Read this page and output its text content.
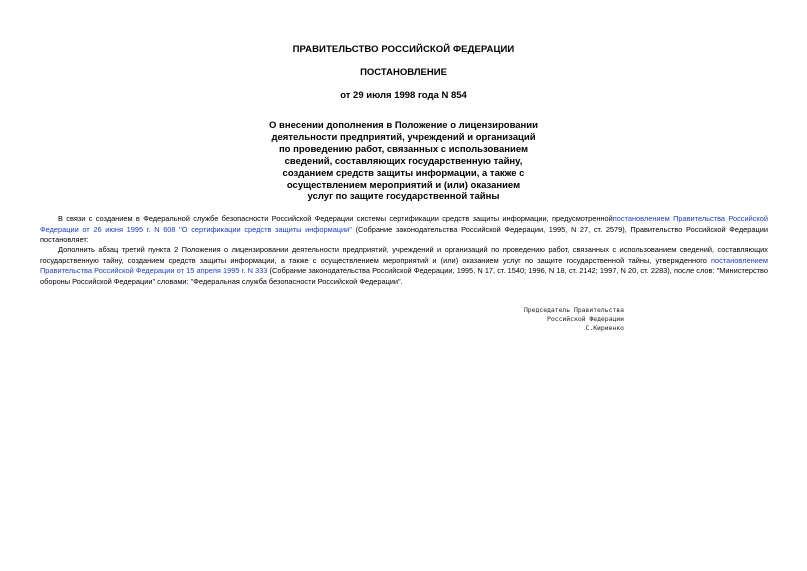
ПРАВИТЕЛЬСТВО РОССИЙСКОЙ ФЕДЕРАЦИИ
ПОСТАНОВЛЕНИЕ
от 29 июля 1998 года N 854
О внесении дополнения в Положение о лицензировании
деятельности предприятий, учреждений и организаций
по проведению работ, связанных с использованием
сведений, составляющих государственную тайну,
созданием средств защиты информации, а также с
осуществлением мероприятий и (или) оказанием
услуг по защите государственной тайны
В связи с созданием в Федеральной службе безопасности Российской Федерации системы сертификации средств защиты информации, предусмотреннойпостановлением Правительства Российской Федерации от 26 июня 1995 г. N 608 "О сертификации средств защиты информации" (Собрание законодательства Российской Федерации, 1995, N 27, ст. 2579), Правительство Российской Федерации постановляет:
Дополнить абзац третий пункта 2 Положения о лицензировании деятельности предприятий, учреждений и организаций по проведению работ, связанных с использованием сведений, составляющих государственную тайну, созданием средств защиты информации, а также с осуществлением мероприятий и (или) оказанием услуг по защите государственной тайны, утвержденного постановлением Правительства Российской Федерации от 15 апреля 1995 г. N 333 (Собрание законодательства Российской Федерации, 1995, N 17, ст. 1540; 1996, N 18, ст. 2142; 1997, N 20, ст. 2283), после слов: "Министерство обороны Российской Федерации" словами: "Федеральная служба безопасности Российской Федерации".
Председатель Правительства
Российской Федерации
С.Кириенко
